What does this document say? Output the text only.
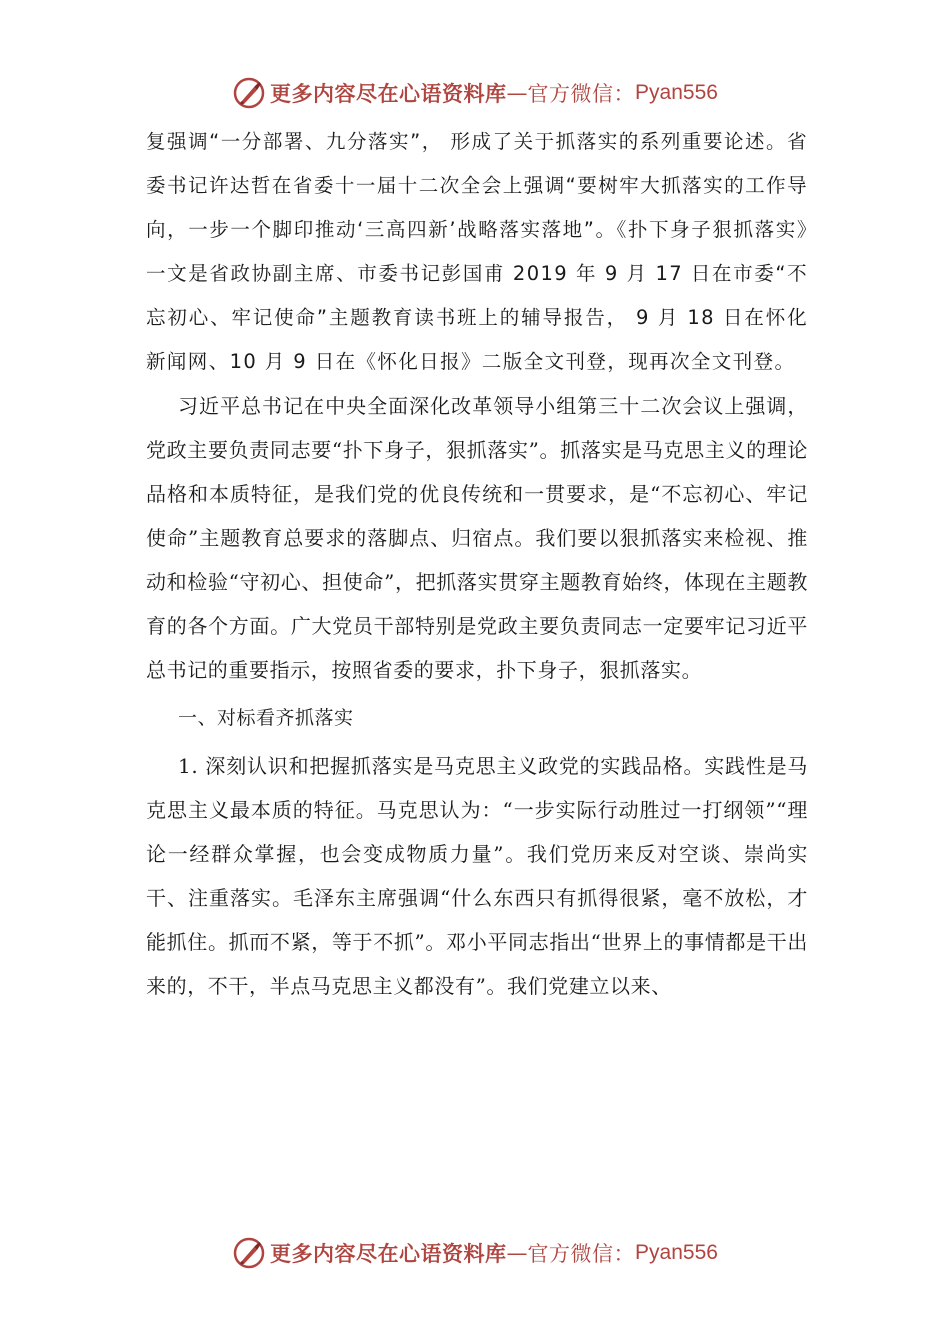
更多内容尽在心语资料库 — 官方微信： Pyan556

复强调“一分部署、九分落实”， 形成了关于抓落实的系列重要论述。省委书记许达哲在省委十一届十二次全会上强调“要树牢大抓落实的工作导向，一步一个脚印推动‘三高四新’战略落实落地”。《扑下身子狠抓落实》一文是省政协副主席、市委书记彭国甫 2019 年 9 月 17 日在市委“不忘初心、牢记使命”主题教育读书班上的辅导报告， 9 月 18 日在怀化新闻网、10 月 9 日在《怀化日报》二版全文刊登，现再次全文刊登。

习近平总书记在中央全面深化改革领导小组第三十二次会议上强调，党政主要负责同志要“扑下身子，狠抓落实”。抓落实是马克思主义的理论品格和本质特征，是我们党的优良传统和一贯要求，是“不忘初心、牢记使命”主题教育总要求的落脚点、归宿点。我们要以狠抓落实来检视、推动和检验“守初心、担使命”，把抓落实贯穿主题教育始终，体现在主题教育的各个方面。广大党员干部特别是党政主要负责同志一定要牢记习近平总书记的重要指示，按照省委的要求，扑下身子，狠抓落实。

一、对标看齐抓落实

1. 深刻认识和把握抓落实是马克思主义政党的实践品格。实践性是马克思主义最本质的特征。马克思认为：“一步实际行动胜过一打纲领”“理论一经群众掌握，也会变成物质力量”。我们党历来反对空谈、崇尚实干、注重落实。毛泽东主席强调“什么东西只有抓得很紧，毫不放松，才能抓住。抓而不紧，等于不抓”。邓小平同志指出“世界上的事情都是干出来的，不干，半点马克思主义都没有”。我们党建立以来、

更多内容尽在心语资料库 — 官方微信： Pyan556
